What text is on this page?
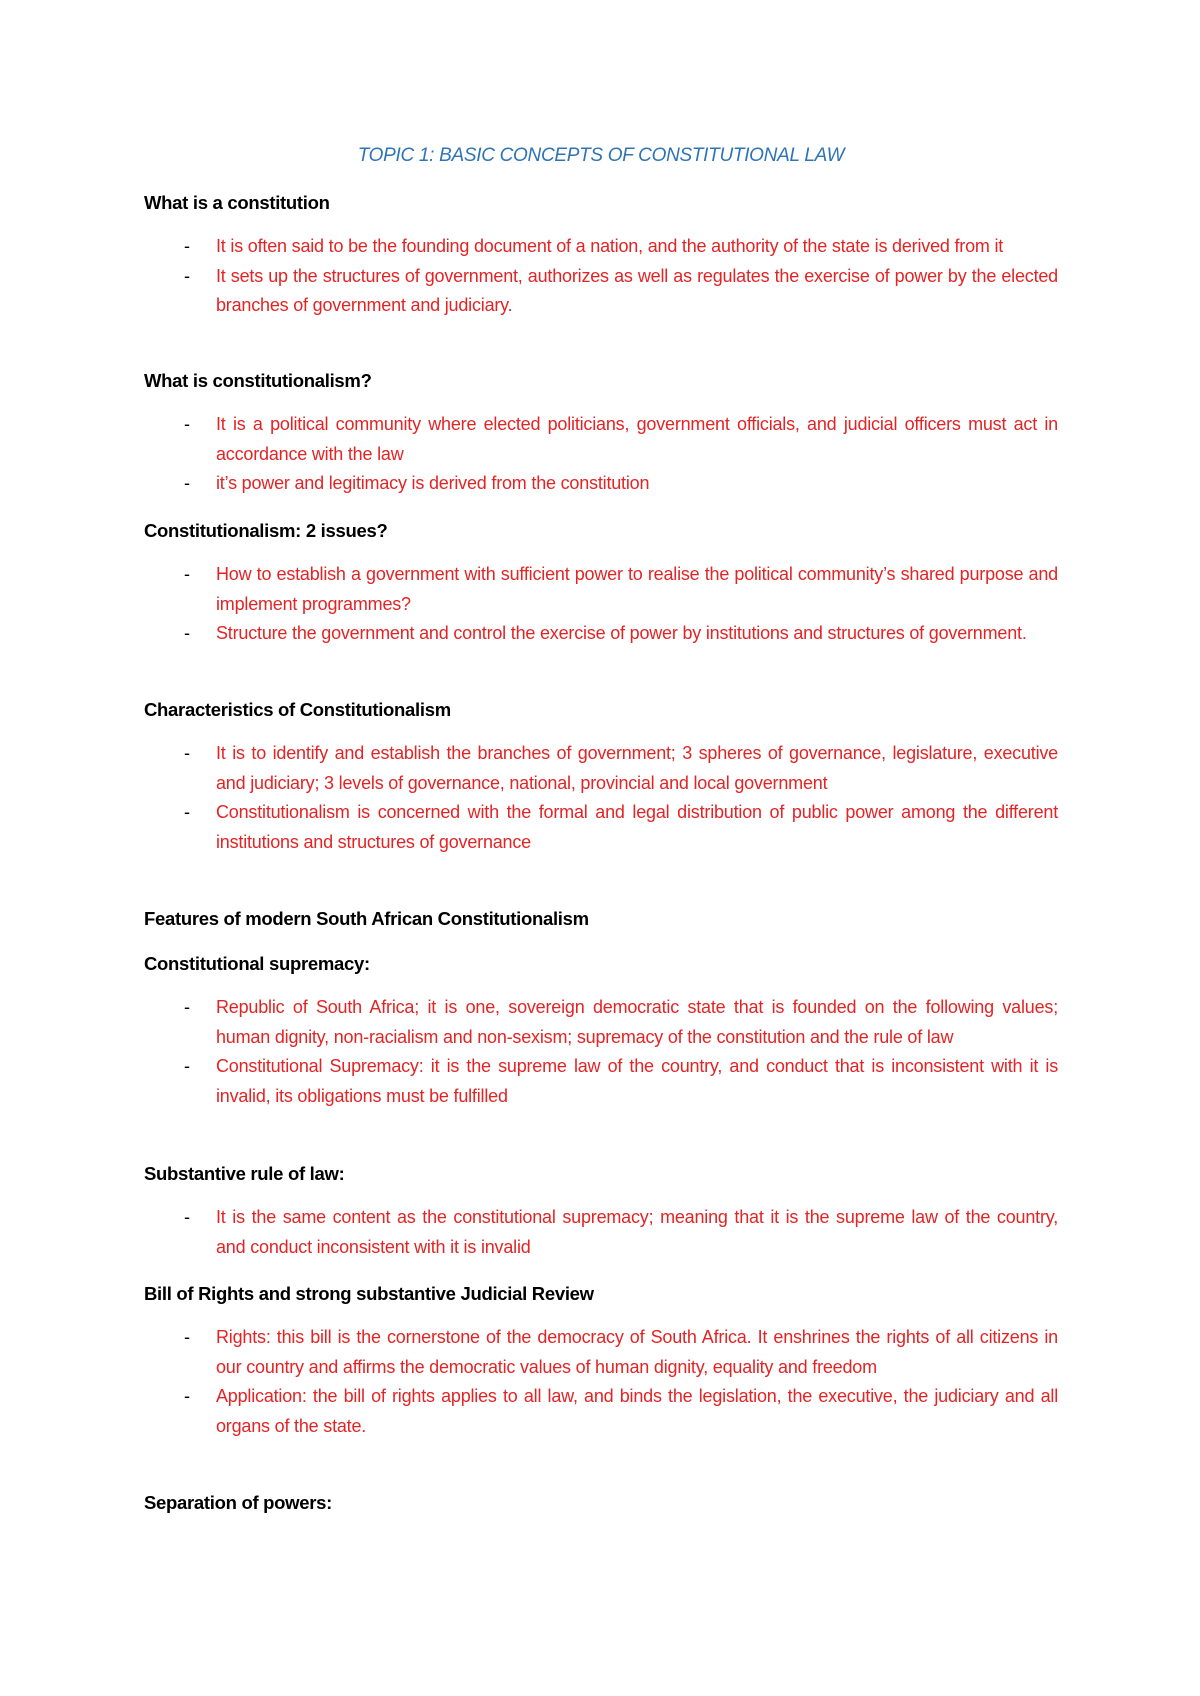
TOPIC 1: BASIC CONCEPTS OF CONSTITUTIONAL LAW
What is a constitution
- It is often said to be the founding document of a nation, and the authority of the state is derived from it
- It sets up the structures of government, authorizes as well as regulates the exercise of power by the elected branches of government and judiciary.
What is constitutionalism?
- It is a political community where elected politicians, government officials, and judicial officers must act in accordance with the law
- it’s power and legitimacy is derived from the constitution
Constitutionalism: 2 issues?
- How to establish a government with sufficient power to realise the political community’s shared purpose and implement programmes?
- Structure the government and control the exercise of power by institutions and structures of government.
Characteristics of Constitutionalism
- It is to identify and establish the branches of government; 3 spheres of governance, legislature, executive and judiciary; 3 levels of governance, national, provincial and local government
- Constitutionalism is concerned with the formal and legal distribution of public power among the different institutions and structures of governance
Features of modern South African Constitutionalism
Constitutional supremacy:
- Republic of South Africa; it is one, sovereign democratic state that is founded on the following values; human dignity, non-racialism and non-sexism; supremacy of the constitution and the rule of law
- Constitutional Supremacy: it is the supreme law of the country, and conduct that is inconsistent with it is invalid, its obligations must be fulfilled
Substantive rule of law:
- It is the same content as the constitutional supremacy; meaning that it is the supreme law of the country, and conduct inconsistent with it is invalid
Bill of Rights and strong substantive Judicial Review
- Rights: this bill is the cornerstone of the democracy of South Africa. It enshrines the rights of all citizens in our country and affirms the democratic values of human dignity, equality and freedom
- Application: the bill of rights applies to all law, and binds the legislation, the executive, the judiciary and all organs of the state.
Separation of powers:
